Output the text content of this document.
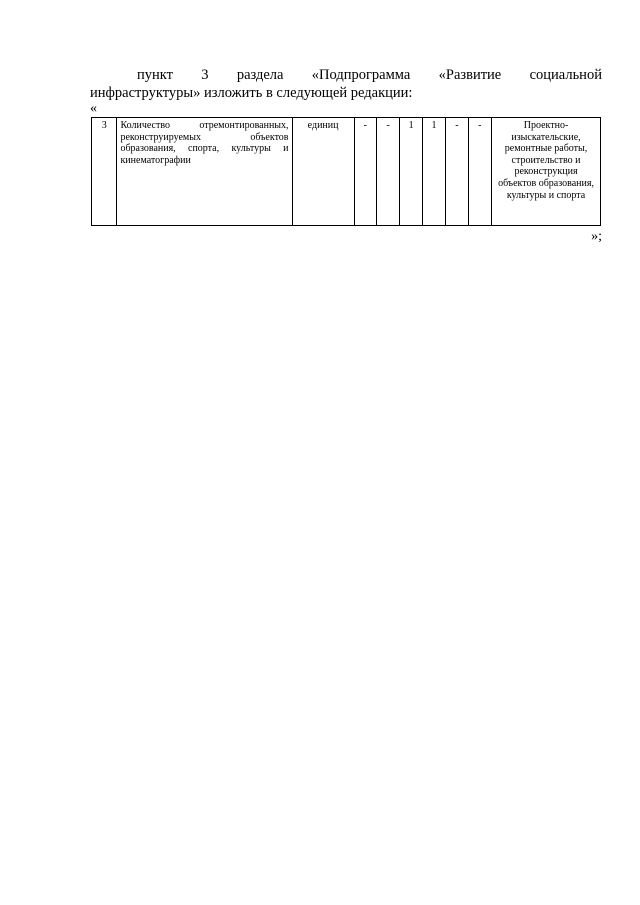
пункт 3 раздела «Подпрограмма «Развитие социальной
инфраструктуры» изложить в следующей редакции:
«
3	Количество отремонтированных, реконструируемых объектов образования, спорта, культуры и кинематографии	единиц	-	-	1	1	-	-	Проектно-изыскательские, ремонтные работы, строительство и реконструкция объектов образования, культуры и спорта
»;
